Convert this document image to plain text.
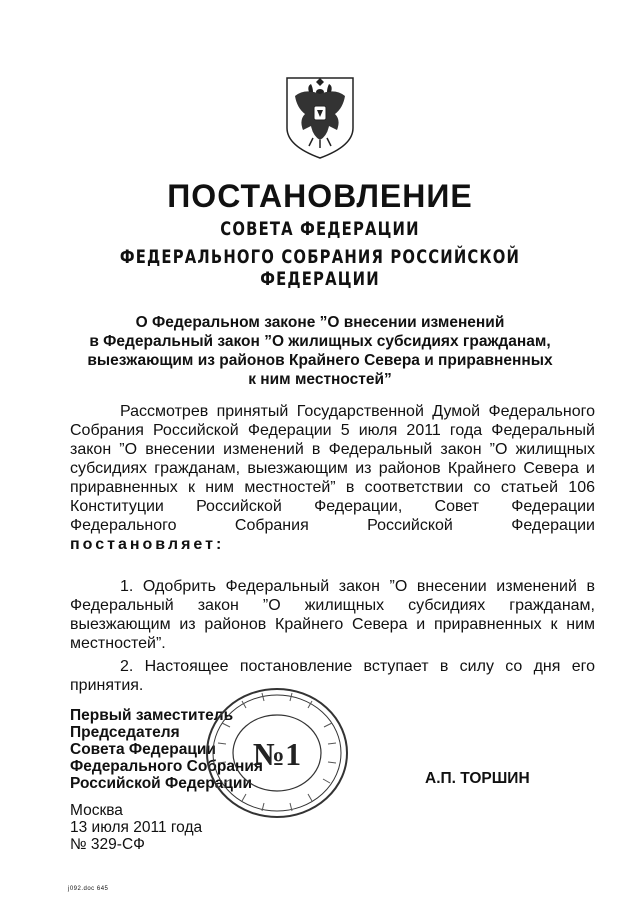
ПОСТАНОВЛЕНИЕ
СОВЕТА ФЕДЕРАЦИИ
ФЕДЕРАЛЬНОГО СОБРАНИЯ РОССИЙСКОЙ ФЕДЕРАЦИИ
О Федеральном законе ”О внесении изменений
в Федеральный закон ”О жилищных субсидиях гражданам,
выезжающим из районов Крайнего Севера и приравненных
к ним местностей”
Рассмотрев принятый Государственной Думой Федерального
Собрания Российской Федерации 5 июля 2011 года Федеральный
закон ”О внесении изменений в Федеральный закон ”О жилищных
субсидиях гражданам, выезжающим из районов Крайнего Севера и
приравненных к ним местностей” в соответствии со статьей 106
Конституции Российской Федерации, Совет Федерации
Федерального Собрания Российской Федерации
постановляет:
1. Одобрить Федеральный закон ”О внесении изменений в
Федеральный закон ”О жилищных субсидиях гражданам,
выезжающим из районов Крайнего Севера и приравненных к ним
местностей”.
2. Настоящее постановление вступает в силу со дня его
принятия.
Первый заместитель
Председателя
Совета Федерации
Федерального Собрания
Российской Федерации
№1
А.П. ТОРШИН
Москва
13 июля 2011 года
№ 329-СФ
j092.doc 645
